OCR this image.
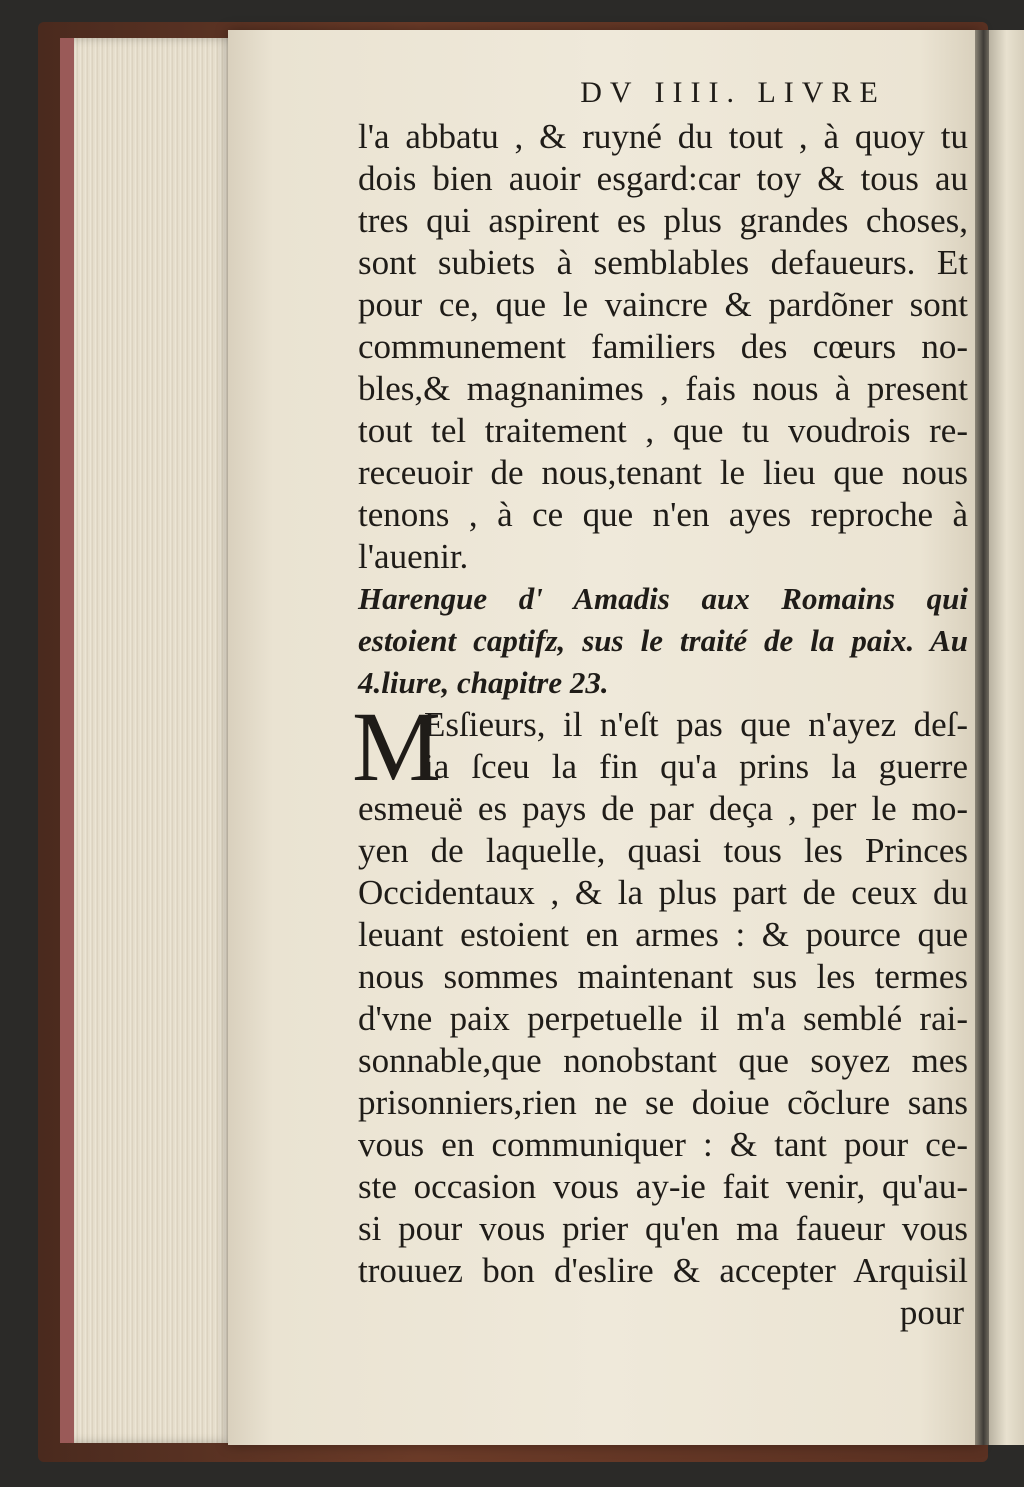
DV IIII. LIVRE
l'a abbatu , & ruyné du tout , à quoy tu
dois bien auoir esgard:car toy & tous au
tres qui aspirent es plus grandes choses,
sont subiets à semblables defaueurs. Et
pour ce, que le vaincre & pardõner sont
communement familiers des cœurs no-
bles,& magnanimes , fais nous à present
tout tel traitement , que tu voudrois re-
receuoir de nous,tenant le lieu que nous
tenons , à ce que n'en ayes reproche à
l'auenir.
Harengue d' Amadis aux Romains qui
estoient captifz, sus le traité de la paix. Au
4.liure, chapitre 23.
M
Esſieurs, il n'eſt pas que n'ayez deſ-
ia ſceu la fin qu'a prins la guerre
esmeuë es pays de par deça , per le mo-
yen de laquelle, quasi tous les Princes
Occidentaux , & la plus part de ceux du
leuant estoient en armes : & pource que
nous sommes maintenant sus les termes
d'vne paix perpetuelle il m'a semblé rai-
sonnable,que nonobstant que soyez mes
prisonniers,rien ne se doiue cõclure sans
vous en communiquer : & tant pour ce-
ste occasion vous ay-ie fait venir, qu'au-
si pour vous prier qu'en ma faueur vous
trouuez bon d'eslire & accepter Arquisil
pour
